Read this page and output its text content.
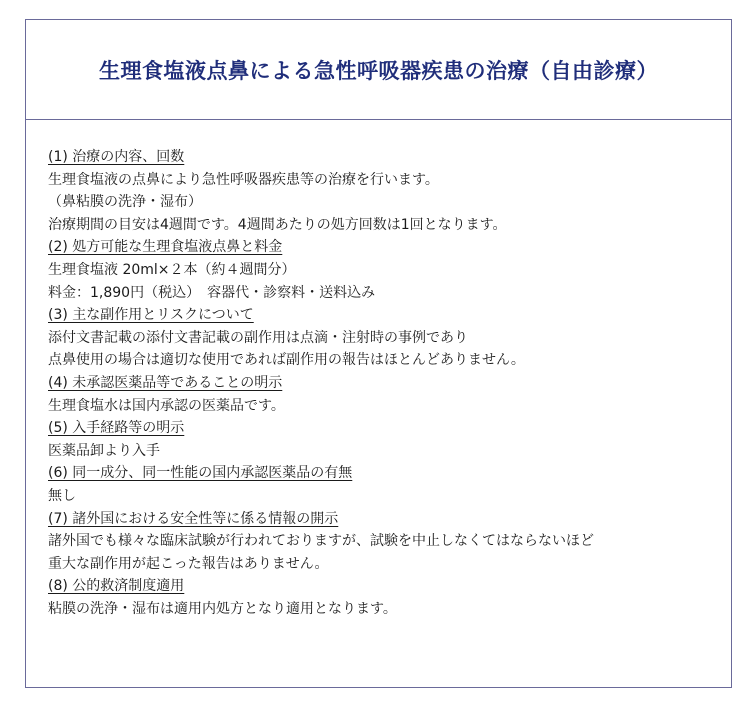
生理食塩液点鼻による急性呼吸器疾患の治療（自由診療）

(1) 治療の内容、回数

生理食塩液の点鼻により急性呼吸器疾患等の治療を行います。

（鼻粘膜の洗浄・湿布）

治療期間の目安は4週間です。4週間あたりの処方回数は1回となります。

(2) 処方可能な生理食塩液点鼻と料金

生理食塩液 20ml×２本（約４週間分）

料金：1,890円（税込）　容器代・診察料・送料込み

(3) 主な副作用とリスクについて

添付文書記載の添付文書記載の副作用は点滴・注射時の事例であり

点鼻使用の場合は適切な使用であれば副作用の報告はほとんどありません。

(4) 未承認医薬品等であることの明示

生理食塩水は国内承認の医薬品です。

(5) 入手経路等の明示

医薬品卸より入手

(6) 同一成分、同一性能の国内承認医薬品の有無

無し

(7) 諸外国における安全性等に係る情報の開示

諸外国でも様々な臨床試験が行われておりますが、試験を中止しなくてはならないほど

重大な副作用が起こった報告はありません。

(8) 公的救済制度適用

粘膜の洗浄・湿布は適用内処方となり適用となります。
